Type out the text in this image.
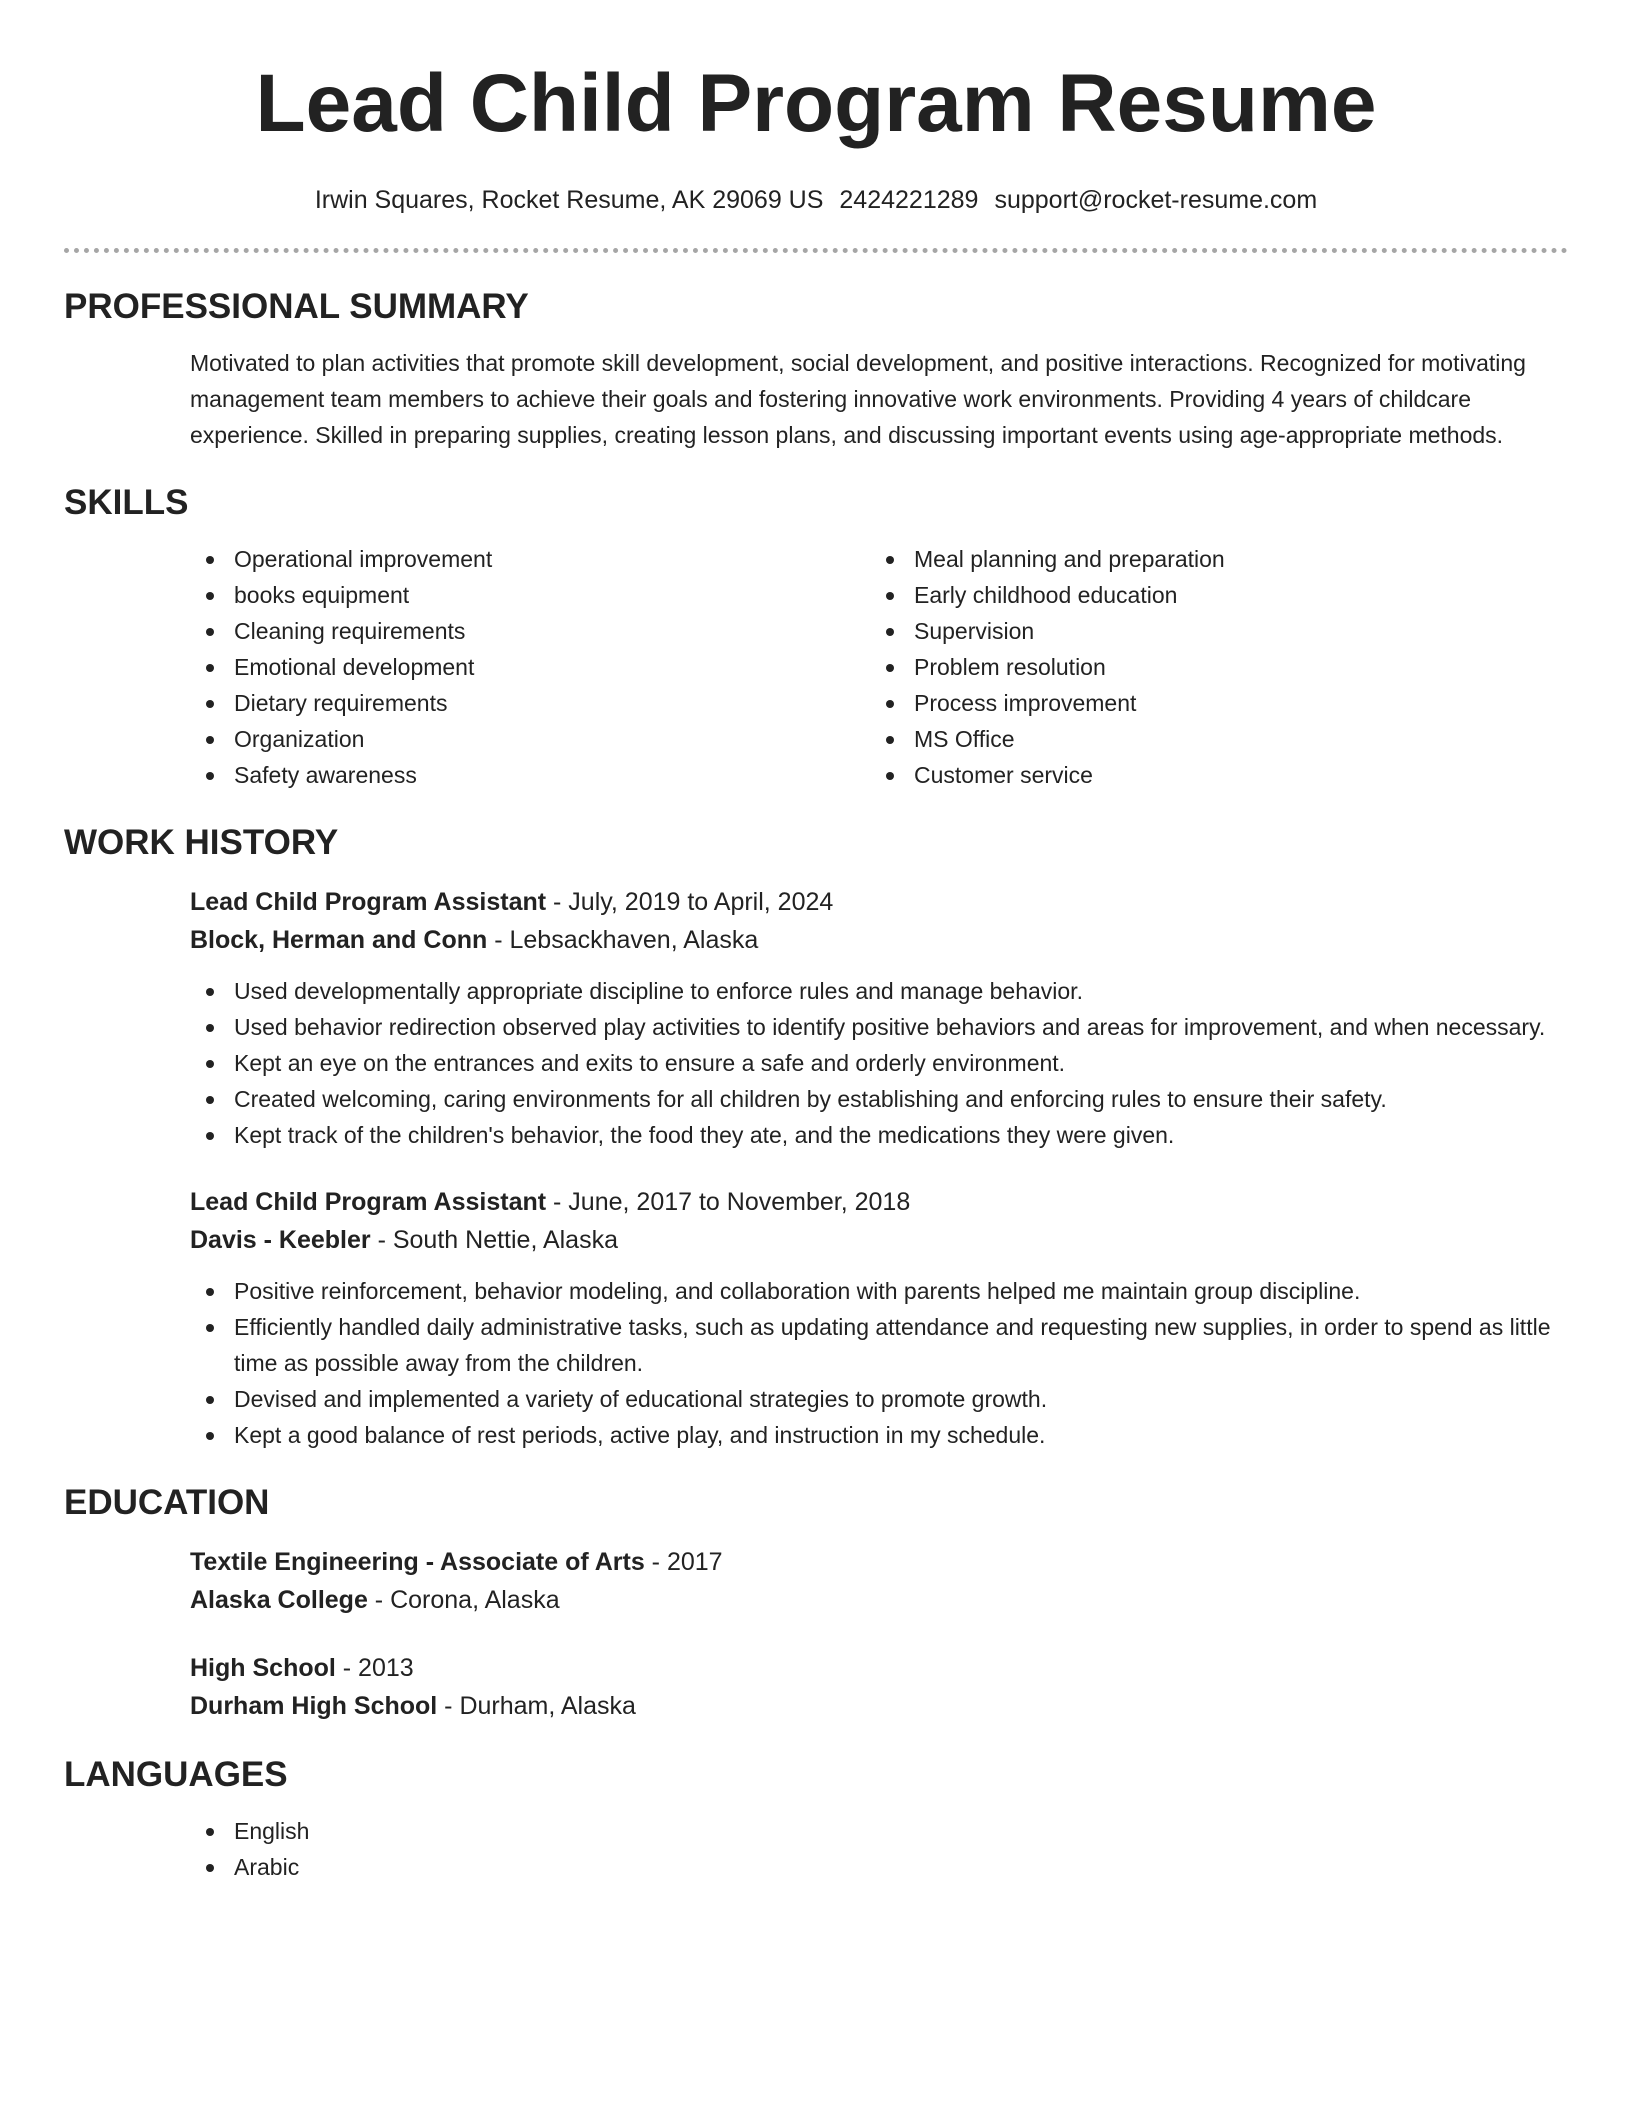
Lead Child Program Resume
Irwin Squares, Rocket Resume, AK 29069 US 2424221289 support@rocket-resume.com
PROFESSIONAL SUMMARY

Motivated to plan activities that promote skill development, social development, and positive interactions. Recognized for motivating management team members to achieve their goals and fostering innovative work environments. Providing 4 years of childcare experience. Skilled in preparing supplies, creating lesson plans, and discussing important events using age-appropriate methods.

SKILLS
Operational improvement
books equipment
Cleaning requirements
Emotional development
Dietary requirements
Organization
Safety awareness
Meal planning and preparation
Early childhood education
Supervision
Problem resolution
Process improvement
MS Office
Customer service
WORK HISTORY
Lead Child Program Assistant - July, 2019 to April, 2024
Block, Herman and Conn - Lebsackhaven, Alaska
Used developmentally appropriate discipline to enforce rules and manage behavior.
Used behavior redirection observed play activities to identify positive behaviors and areas for improvement, and when necessary.
Kept an eye on the entrances and exits to ensure a safe and orderly environment.
Created welcoming, caring environments for all children by establishing and enforcing rules to ensure their safety.
Kept track of the children's behavior, the food they ate, and the medications they were given.
Lead Child Program Assistant - June, 2017 to November, 2018
Davis - Keebler - South Nettie, Alaska
Positive reinforcement, behavior modeling, and collaboration with parents helped me maintain group discipline.
Efficiently handled daily administrative tasks, such as updating attendance and requesting new supplies, in order to spend as little time as possible away from the children.
Devised and implemented a variety of educational strategies to promote growth.
Kept a good balance of rest periods, active play, and instruction in my schedule.
EDUCATION
Textile Engineering - Associate of Arts - 2017
Alaska College - Corona, Alaska
High School - 2013
Durham High School - Durham, Alaska
LANGUAGES
English
Arabic
